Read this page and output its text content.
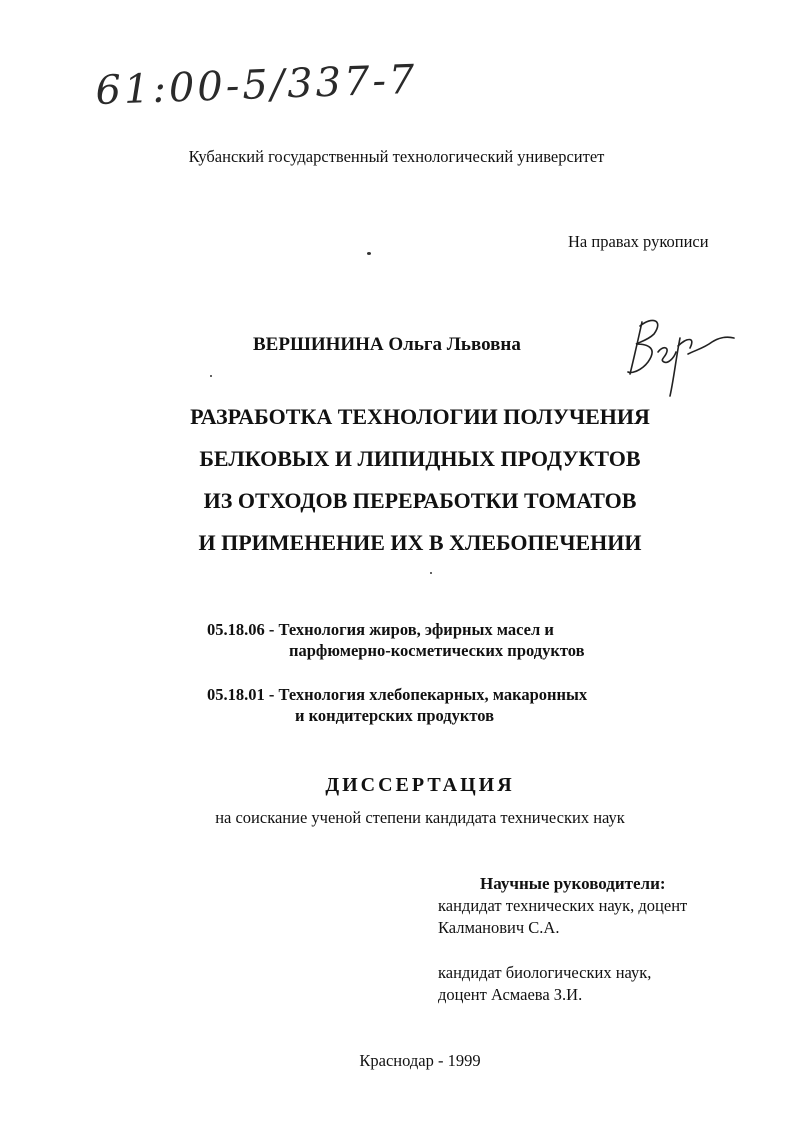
61:00-5/337-7
Кубанский государственный технологический университет
На правах рукописи
ВЕРШИНИНА Ольга Львовна
РАЗРАБОТКА ТЕХНОЛОГИИ ПОЛУЧЕНИЯ
БЕЛКОВЫХ И ЛИПИДНЫХ ПРОДУКТОВ
ИЗ ОТХОДОВ ПЕРЕРАБОТКИ ТОМАТОВ
И ПРИМЕНЕНИЕ ИХ В ХЛЕБОПЕЧЕНИИ
05.18.06 - Технология жиров, эфирных масел и
парфюмерно-косметических продуктов
05.18.01 - Технология хлебопекарных, макаронных
и кондитерских продуктов
ДИССЕРТАЦИЯ
на соискание ученой степени кандидата технических наук
Научные руководители:
кандидат технических наук, доцент
Калманович С.А.
кандидат биологических наук,
доцент Асмаева З.И.
Краснодар - 1999
